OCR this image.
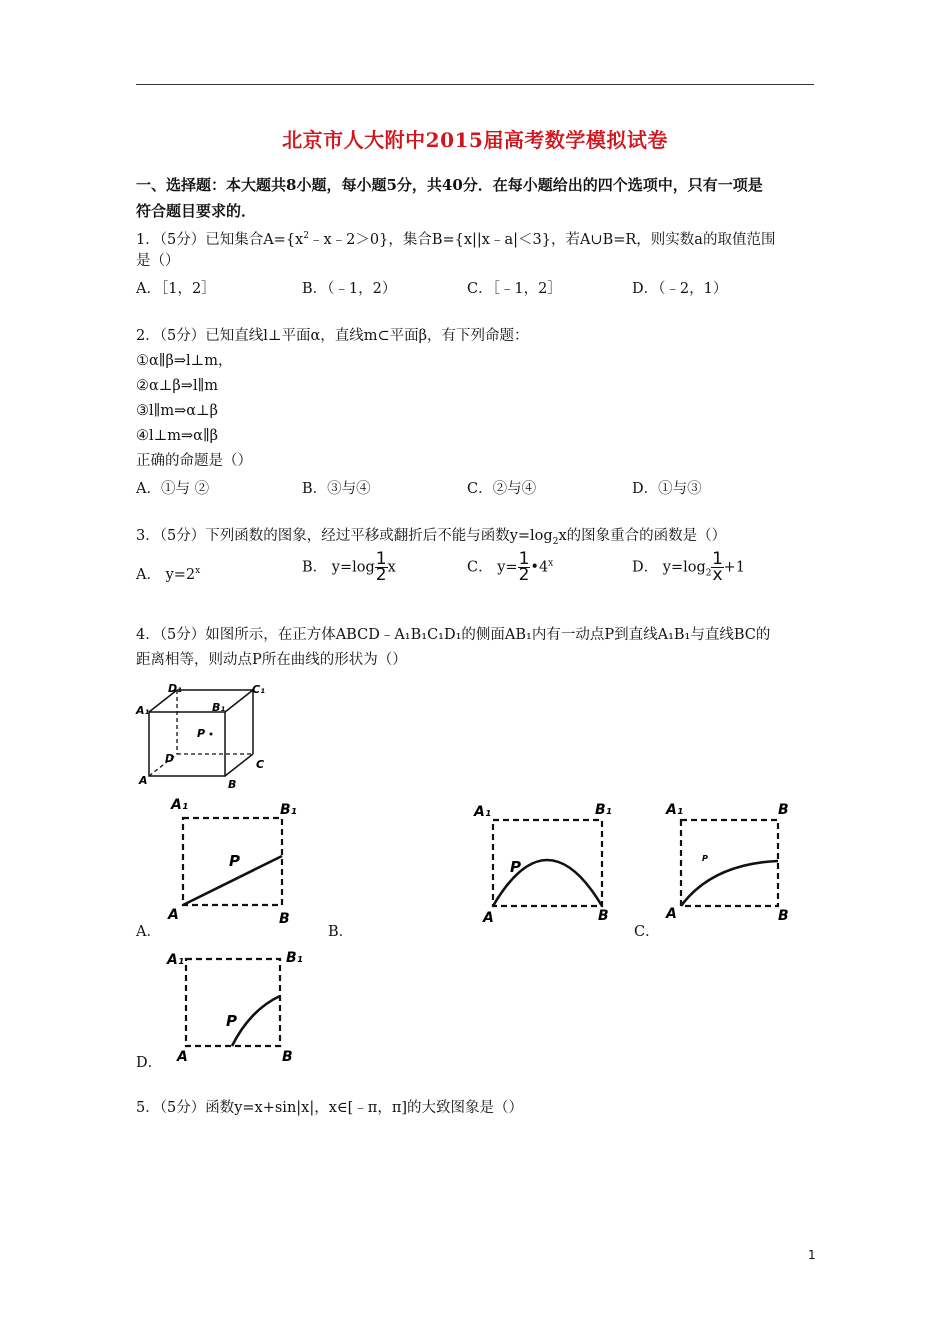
北京市人大附中2015届高考数学模拟试卷
一、选择题：本大题共8小题，每小题5分，共40分．在每小题给出的四个选项中，只有一项是
符合题目要求的．
1．（5分）已知集合$A=\{x^2﹣x﹣2>0\}$，集合B={x||x﹣a|＜3}，若A∪B=R，则实数a的取值范围
是（）
A．［1，2］	B．（﹣1，2）	C．［﹣1，2］	D．（﹣2，1）
2．（5分）已知直线l⊥平面α，直线m⊂平面β，有下列命题：
①α∥β⇒l⊥m，
②α⊥β⇒l∥m
③l∥m⇒α⊥β
④l⊥m⇒α∥β
正确的命题是（）
A．①与 ②	B．③与④	C．②与④	D．①与③
3．（5分）下列函数的图象，经过平移或翻折后不能与函数$y=\log_2x$的图象重合的函数是（）
A． $y=2^x$	B． $y=\log\frac{1}{2}$ x	C． $y=\frac{1}{2}$ •4$^x$	D． $y=\log_2\frac{1}{x} +1$
4．（5分）如图所示，在正方体ABCD﹣A₁B₁C₁D₁的侧面AB₁内有一动点P到直线A₁B₁与直线BC的
距离相等，则动点P所在曲线的形状为（）
D₁	C₁
A₁	B₁
P
D
A	B
C
A₁	B₁
P
A	B
A．
A₁	B₁
P
A	B
B．
A₁	B
P
A	B
C．
A₁	B₁
P
A	B
D．
5．（5分）函数y=x+sin|x|，x∈[﹣π，π]的大致图象是（）
1
